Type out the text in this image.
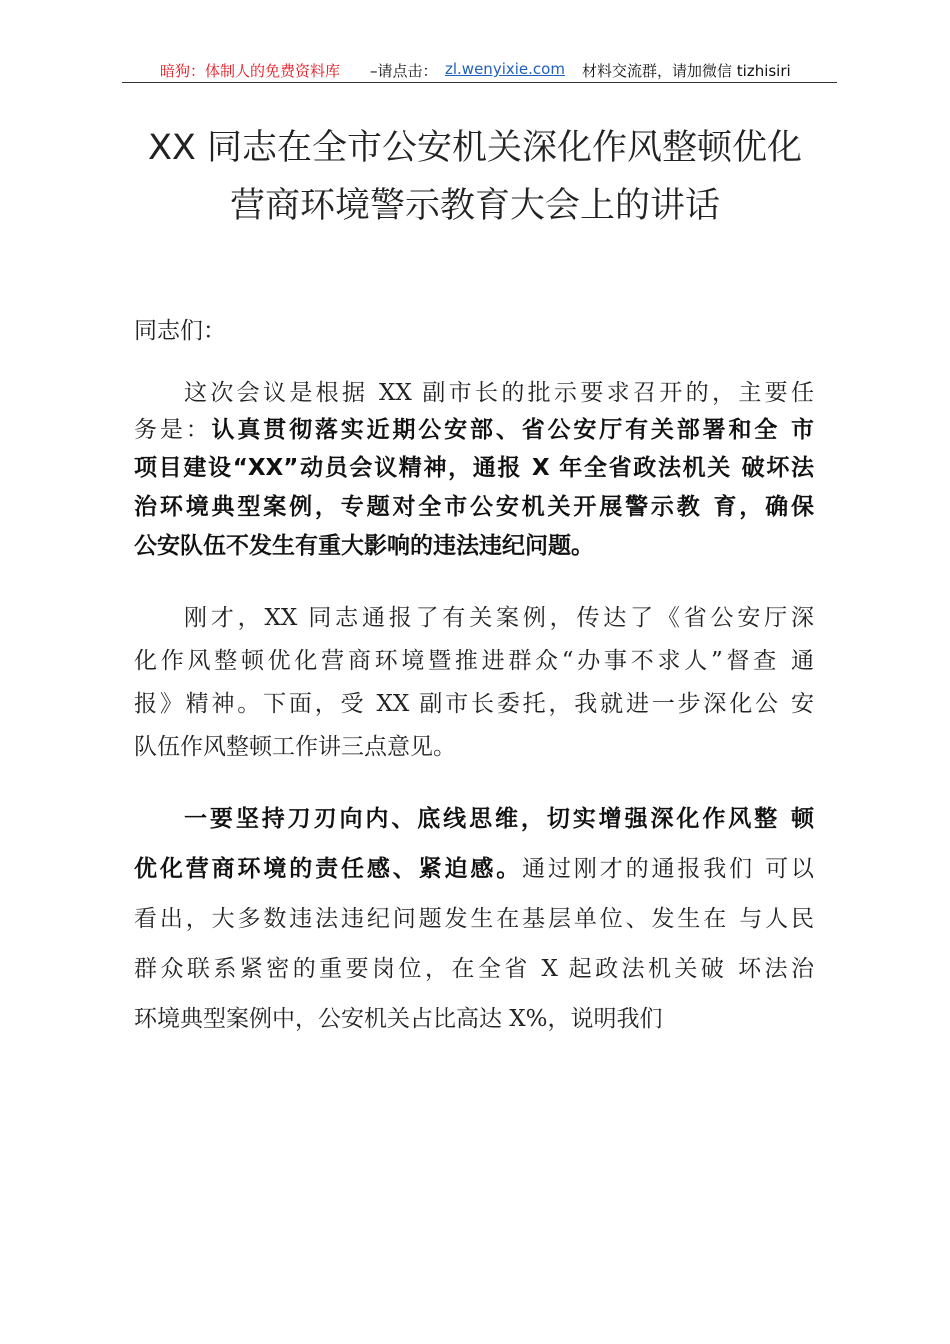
暗狗：体制人的免费资料库 –请点击： zl.wenyixie.com 材料交流群，请加微信 tizhisiri
XX 同志在全市公安机关深化作风整顿优化
营商环境警示教育大会上的讲话
同志们：
这次会议是根据 XX 副市长的批示要求召开的，主要任
务是：认真贯彻落实近期公安部、省公安厅有关部署和全 市
项目建设“XX”动员会议精神，通报 X 年全省政法机关 破坏法
治环境典型案例，专题对全市公安机关开展警示教 育，确保
公安队伍不发生有重大影响的违法违纪问题。
刚才，XX 同志通报了有关案例，传达了《省公安厅深
化作风整顿优化营商环境暨推进群众“办事不求人”督查 通
报》精神。下面，受 XX 副市长委托，我就进一步深化公 安
队伍作风整顿工作讲三点意见。
一要坚持刀刃向内、底线思维，切实增强深化作风整 顿
优化营商环境的责任感、紧迫感。通过刚才的通报我们 可以
看出，大多数违法违纪问题发生在基层单位、发生在 与人民
群众联系紧密的重要岗位，在全省 X 起政法机关破 坏法治
环境典型案例中，公安机关占比高达 X%，说明我们
